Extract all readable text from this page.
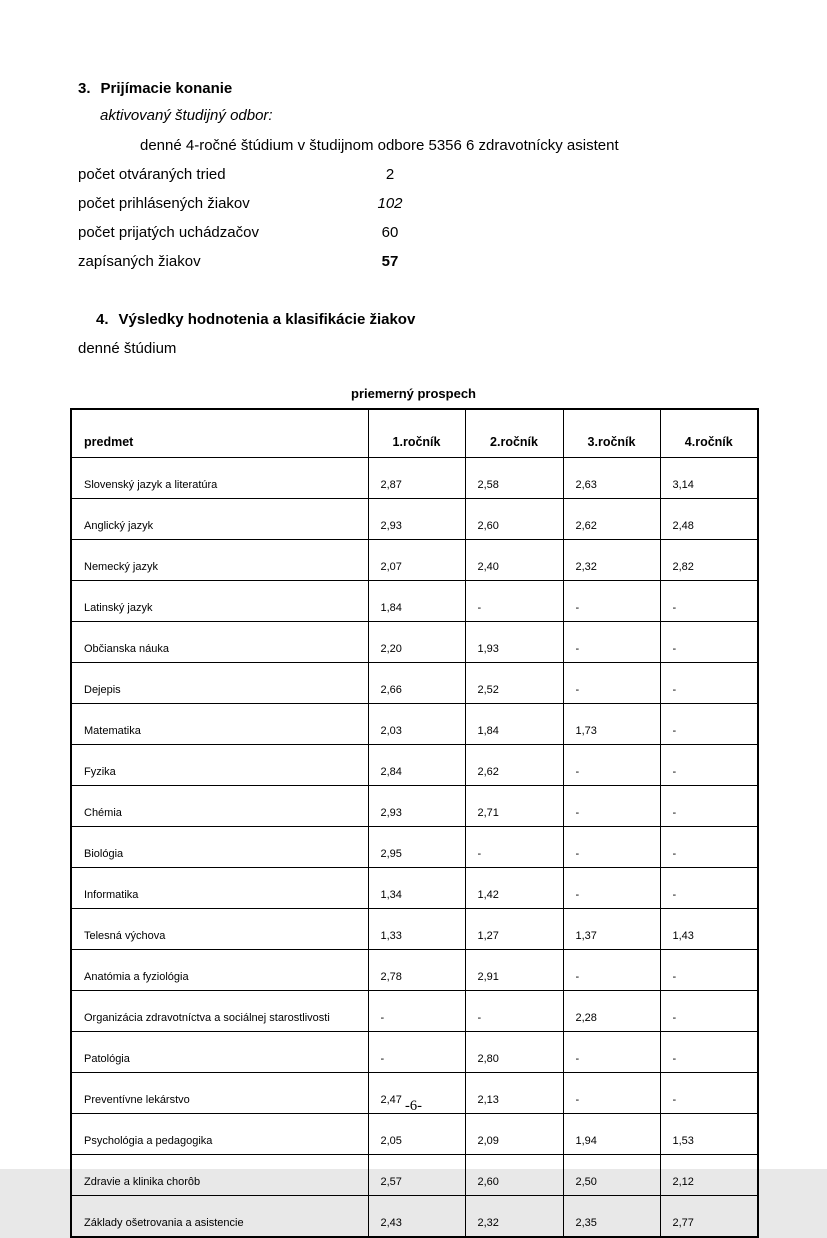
3. Prijímacie konanie
aktivovaný študijný odbor:
denné 4-ročné štúdium v študijnom odbore 5356 6 zdravotnícky asistent
počet otváraných tried	2
počet prihlásených žiakov	102
počet prijatých uchádzačov	60
zapísaných žiakov	57
4. Výsledky hodnotenia a klasifikácie žiakov
denné štúdium
priemerný prospech
predmet	1.ročník	2.ročník	3.ročník	4.ročník
Slovenský jazyk a literatúra	2,87	2,58	2,63	3,14
Anglický jazyk	2,93	2,60	2,62	2,48
Nemecký jazyk	2,07	2,40	2,32	2,82
Latinský jazyk	1,84	-	-	-
Občianska náuka	2,20	1,93	-	-
Dejepis	2,66	2,52	-	-
Matematika	2,03	1,84	1,73	-
Fyzika	2,84	2,62	-	-
Chémia	2,93	2,71	-	-
Biológia	2,95	-	-	-
Informatika	1,34	1,42	-	-
Telesná výchova	1,33	1,27	1,37	1,43
Anatómia a fyziológia	2,78	2,91	-	-
Organizácia zdravotníctva a sociálnej starostlivosti	-	-	2,28	-
Patológia	-	2,80	-	-
Preventívne lekárstvo	2,47	2,13	-	-
Psychológia a pedagogika	2,05	2,09	1,94	1,53
Zdravie a klinika chorôb	2,57	2,60	2,50	2,12
Základy ošetrovania a asistencie	2,43	2,32	2,35	2,77
-6-
